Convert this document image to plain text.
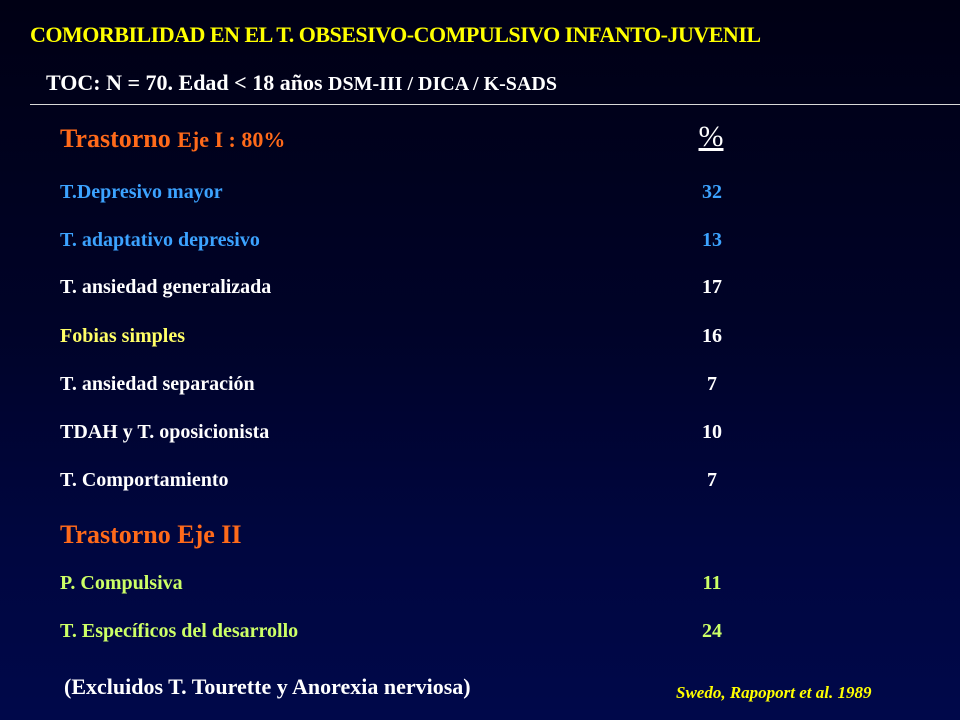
COMORBILIDAD EN EL T. OBSESIVO-COMPULSIVO INFANTO-JUVENIL
TOC: N = 70. Edad < 18 años DSM-III / DICA / K-SADS
Trastorno Eje I : 80%	%
T.Depresivo mayor	32
T. adaptativo depresivo	13
T. ansiedad generalizada	17
Fobias simples	16
T. ansiedad separación	7
TDAH y T. oposicionista	10
T. Comportamiento	7
Trastorno Eje II
P. Compulsiva	11
T. Específicos del desarrollo	24
(Excluidos T. Tourette y Anorexia nerviosa)	Swedo, Rapoport et al. 1989
